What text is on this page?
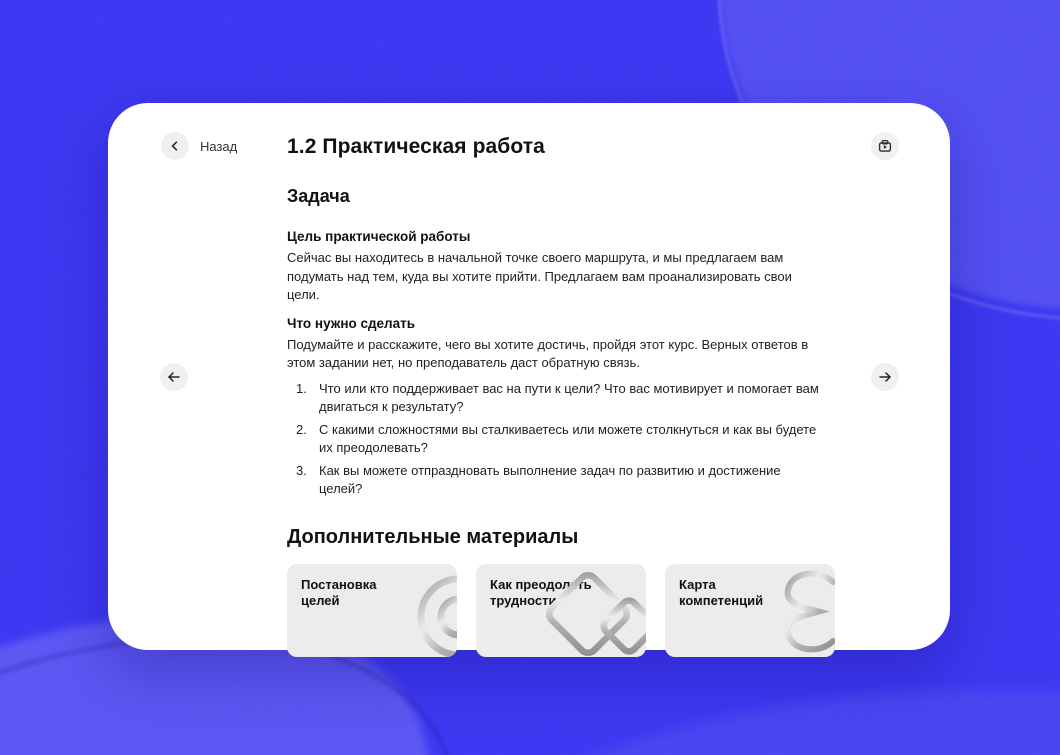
Назад 1.2 Практическая работа
Задача
Цель практической работы

Сейчас вы находитесь в начальной точке своего маршрута, и мы предлагаем вам подумать над тем, куда вы хотите прийти. Предлагаем вам проанализировать свои цели.

Что нужно сделать

Подумайте и расскажите, чего вы хотите достичь, пройдя этот курс. Верных ответов в этом задании нет, но преподаватель даст обратную связь.

Что или кто поддерживает вас на пути к цели? Что вас мотивирует и помогает вам двигаться к результату?
С какими сложностями вы сталкиваетесь или можете столкнуться и как вы будете их преодолевать?
Как вы можете отпраздновать выполнение задач по развитию и достижение целей?
Дополнительные материалы
Постановка целей
Как преодолеть трудности
Карта компетенций
